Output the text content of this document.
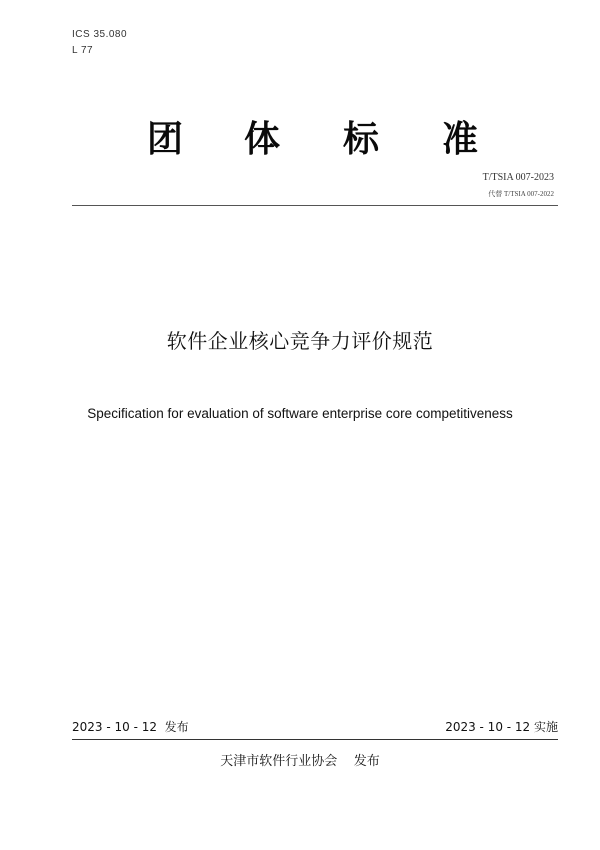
ICS 35.080
L 77
团 体 标 准
T/TSIA 007-2023
代替 T/TSIA 007-2022
软件企业核心竞争力评价规范
Specification for evaluation of software enterprise core competitiveness
2023 - 10 - 12  发布	2023 - 10 - 12 实施
天津市软件行业协会    发布
